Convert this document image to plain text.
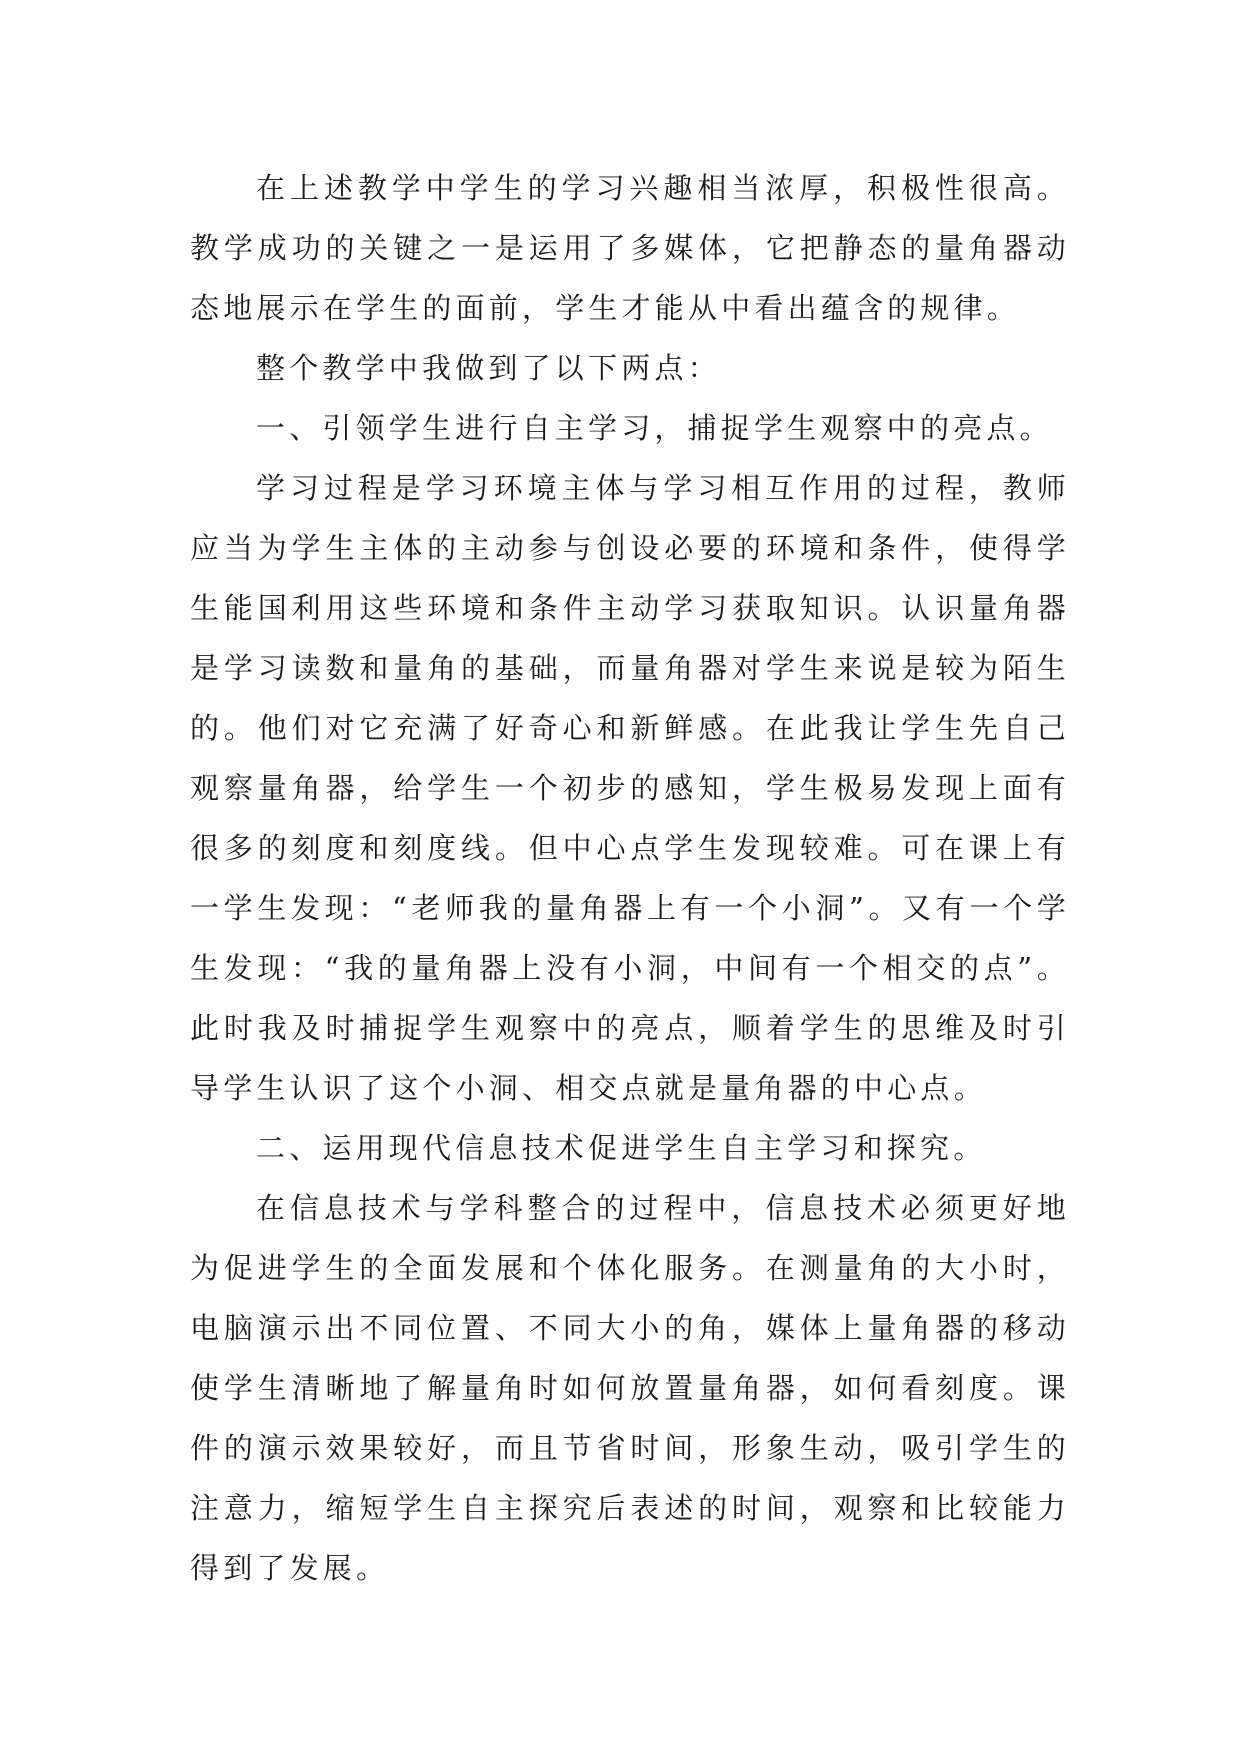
在上述教学中学生的学习兴趣相当浓厚，积极性很高。教学成功的关键之一是运用了多媒体，它把静态的量角器动态地展示在学生的面前，学生才能从中看出蕴含的规律。

整个教学中我做到了以下两点：

一、引领学生进行自主学习，捕捉学生观察中的亮点。

学习过程是学习环境主体与学习相互作用的过程，教师应当为学生主体的主动参与创设必要的环境和条件，使得学生能国利用这些环境和条件主动学习获取知识。认识量角器是学习读数和量角的基础，而量角器对学生来说是较为陌生的。他们对它充满了好奇心和新鲜感。在此我让学生先自己观察量角器，给学生一个初步的感知，学生极易发现上面有很多的刻度和刻度线。但中心点学生发现较难。可在课上有一学生发现：“老师我的量角器上有一个小洞”。又有一个学生发现：“我的量角器上没有小洞，中间有一个相交的点”。此时我及时捕捉学生观察中的亮点，顺着学生的思维及时引导学生认识了这个小洞、相交点就是量角器的中心点。

二、运用现代信息技术促进学生自主学习和探究。

在信息技术与学科整合的过程中，信息技术必须更好地为促进学生的全面发展和个体化服务。在测量角的大小时，电脑演示出不同位置、不同大小的角，媒体上量角器的移动使学生清晰地了解量角时如何放置量角器，如何看刻度。课件的演示效果较好，而且节省时间，形象生动，吸引学生的注意力，缩短学生自主探究后表述的时间，观察和比较能力得到了发展。
